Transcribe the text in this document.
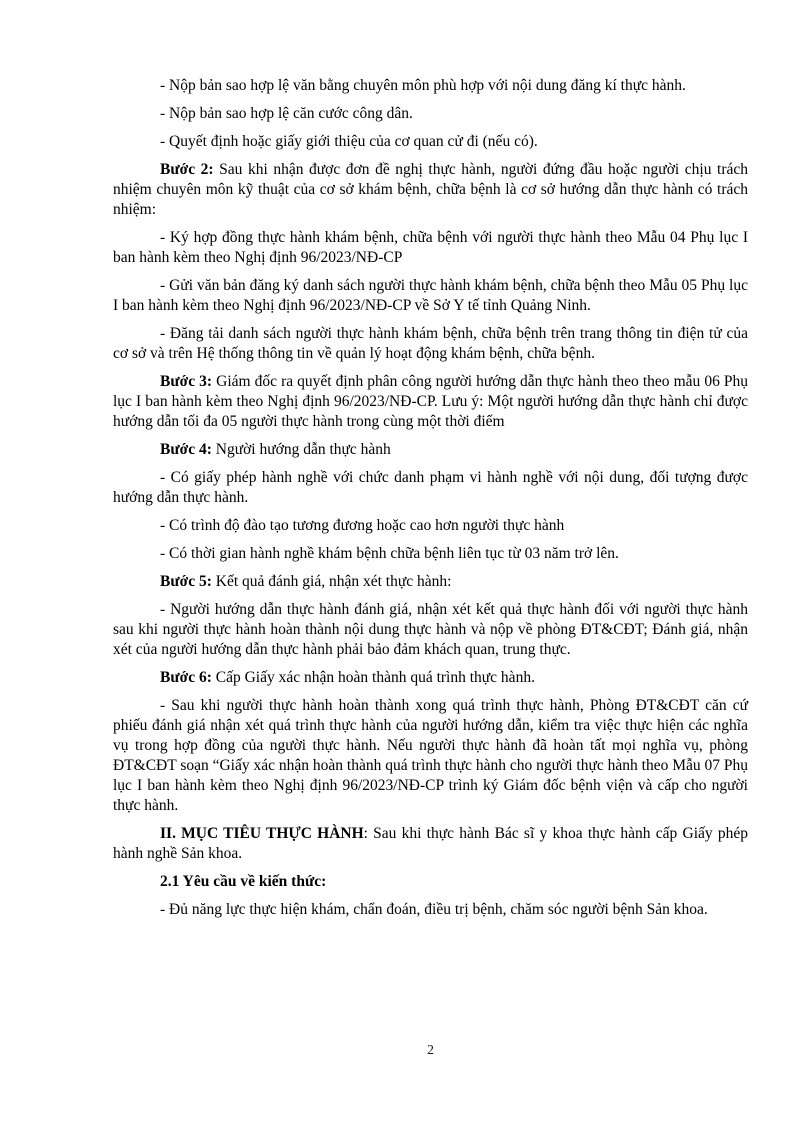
- Nộp bản sao hợp lệ văn bằng chuyên môn phù hợp với nội dung đăng kí thực hành.

- Nộp bản sao hợp lệ căn cước công dân.

- Quyết định hoặc giấy giới thiệu của cơ quan cử đi (nếu có).

Bước 2: Sau khi nhận được đơn đề nghị thực hành, người đứng đầu hoặc người chịu trách nhiệm chuyên môn kỹ thuật của cơ sở khám bệnh, chữa bệnh là cơ sở hướng dẫn thực hành có trách nhiệm:

- Ký hợp đồng thực hành khám bệnh, chữa bệnh với người thực hành theo Mẫu 04 Phụ lục I ban hành kèm theo Nghị định 96/2023/NĐ-CP

- Gửi văn bản đăng ký danh sách người thực hành khám bệnh, chữa bệnh theo Mẫu 05 Phụ lục I ban hành kèm theo Nghị định 96/2023/NĐ-CP về Sở Y tế tỉnh Quảng Ninh.

- Đăng tải danh sách người thực hành khám bệnh, chữa bệnh trên trang thông tin điện tử của cơ sở và trên Hệ thống thông tin về quản lý hoạt động khám bệnh, chữa bệnh.

Bước 3: Giám đốc ra quyết định phân công người hướng dẫn thực hành theo theo mẫu 06 Phụ lục I ban hành kèm theo Nghị định 96/2023/NĐ-CP. Lưu ý: Một người hướng dẫn thực hành chỉ được hướng dẫn tối đa 05 người thực hành trong cùng một thời điểm

Bước 4: Người hướng dẫn thực hành

- Có giấy phép hành nghề với chức danh phạm vi hành nghề với nội dung, đối tượng được hướng dẫn thực hành.

- Có trình độ đào tạo tương đương hoặc cao hơn người thực hành

- Có thời gian hành nghề khám bệnh chữa bệnh liên tục từ 03 năm trở lên.

Bước 5: Kết quả đánh giá, nhận xét thực hành:

- Người hướng dẫn thực hành đánh giá, nhận xét kết quả thực hành đối với người thực hành sau khi người thực hành hoàn thành nội dung thực hành và nộp về phòng ĐT&CĐT; Đánh giá, nhận xét của người hướng dẫn thực hành phải bảo đảm khách quan, trung thực.

Bước 6: Cấp Giấy xác nhận hoàn thành quá trình thực hành.

- Sau khi người thực hành hoàn thành xong quá trình thực hành, Phòng ĐT&CĐT căn cứ phiếu đánh giá nhận xét quá trình thực hành của người hướng dẫn, kiểm tra việc thực hiện các nghĩa vụ trong hợp đồng của người thực hành. Nếu người thực hành đã hoàn tất mọi nghĩa vụ, phòng ĐT&CĐT soạn “Giấy xác nhận hoàn thành quá trình thực hành cho người thực hành theo Mẫu 07 Phụ lục I ban hành kèm theo Nghị định 96/2023/NĐ-CP trình ký Giám đốc bệnh viện và cấp cho người thực hành.

II. MỤC TIÊU THỰC HÀNH: Sau khi thực hành Bác sĩ y khoa thực hành cấp Giấy phép hành nghề Sản khoa.

2.1 Yêu cầu về kiến thức:

- Đủ năng lực thực hiện khám, chẩn đoán, điều trị bệnh, chăm sóc người bệnh Sản khoa.

2
